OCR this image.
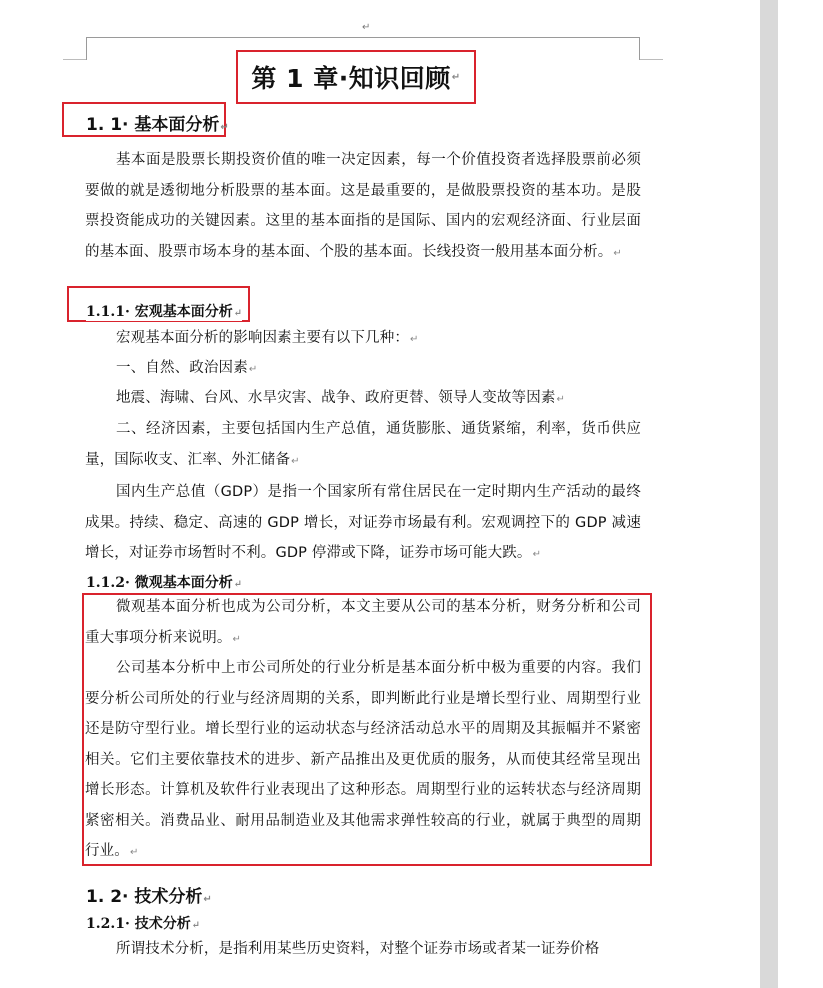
↵
第 1 章·知识回顾 ↵
1. 1· 基本面分析↵
基本面是股票长期投资价值的唯一决定因素，每一个价值投资者选择股票前必须要做的就是透彻地分析股票的基本面。这是最重要的，是做股票投资的基本功。是股票投资能成功的关键因素。这里的基本面指的是国际、国内的宏观经济面、行业层面的基本面、股票市场本身的基本面、个股的基本面。长线投资一般用基本面分析。↵
1.1.1· 宏观基本面分析↵
宏观基本面分析的影响因素主要有以下几种：↵
一、自然、政治因素↵
地震、海啸、台风、水旱灾害、战争、政府更替、领导人变故等因素↵
二、经济因素，主要包括国内生产总值，通货膨胀、通货紧缩，利率，货币供应量，国际收支、汇率、外汇储备↵
国内生产总值（GDP）是指一个国家所有常住居民在一定时期内生产活动的最终成果。持续、稳定、高速的 GDP 增长，对证券市场最有利。宏观调控下的 GDP 减速增长，对证券市场暂时不利。GDP 停滞或下降，证券市场可能大跌。↵
1.1.2· 微观基本面分析↵
微观基本面分析也成为公司分析，本文主要从公司的基本分析，财务分析和公司重大事项分析来说明。↵
公司基本分析中上市公司所处的行业分析是基本面分析中极为重要的内容。我们要分析公司所处的行业与经济周期的关系，即判断此行业是增长型行业、周期型行业还是防守型行业。增长型行业的运动状态与经济活动总水平的周期及其振幅并不紧密相关。它们主要依靠技术的进步、新产品推出及更优质的服务，从而使其经常呈现出增长形态。计算机及软件行业表现出了这种形态。周期型行业的运转状态与经济周期紧密相关。消费品业、耐用品制造业及其他需求弹性较高的行业，就属于典型的周期行业。↵
1. 2· 技术分析↵
1.2.1· 技术分析↵
所谓技术分析，是指利用某些历史资料，对整个证券市场或者某一证券价格
